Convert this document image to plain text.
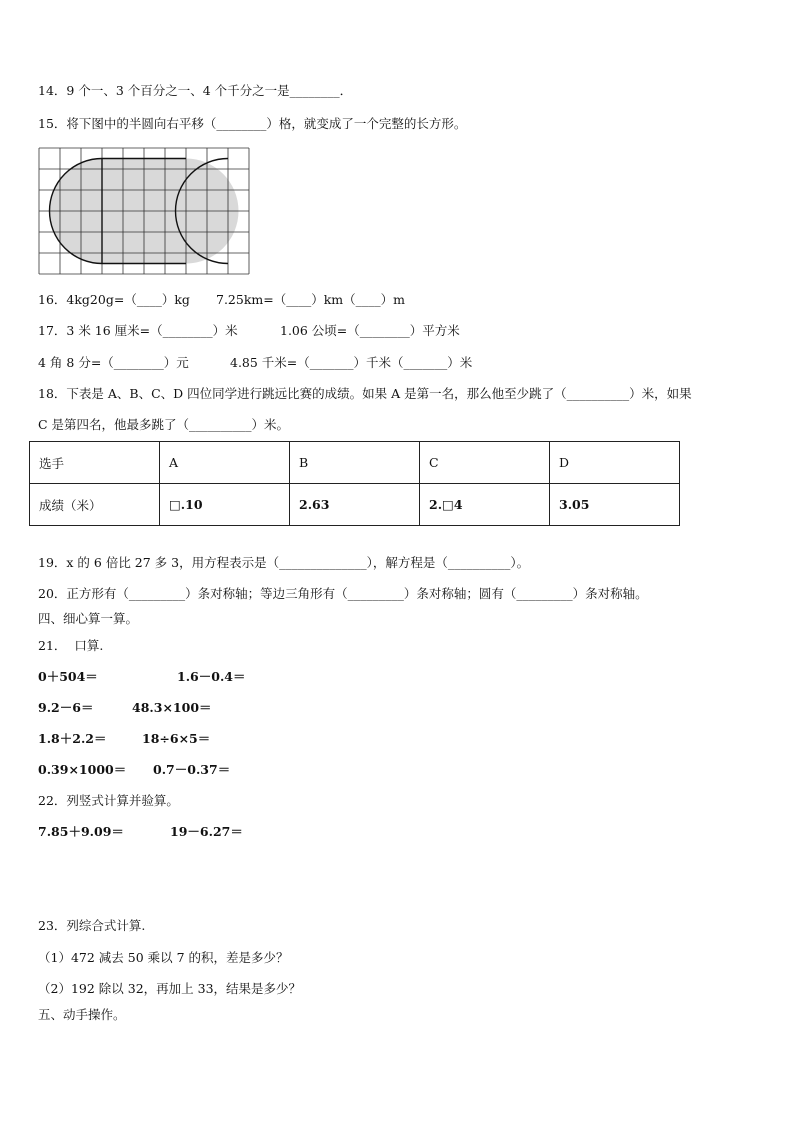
14．9 个一、3 个百分之一、4 个千分之一是________．
15．将下图中的半圆向右平移（________）格，就变成了一个完整的长方形。
16．4kg20g=（____）kg 7.25km=（____）km（____）m
17．3 米 16 厘米=（________）米	1.06 公顷=（________）平方米
4 角 8 分=（________）元	4.85 千米=（_______）千米（_______）米
18．下表是 A、B、C、D 四位同学进行跳远比赛的成绩。如果 A 是第一名，那么他至少跳了（__________）米，如果
C 是第四名，他最多跳了（__________）米。
选手	A	B	C	D
成绩（米）	□.10	2.63	2.□4	3.05
19．x 的 6 倍比 27 多 3，用方程表示是（______________），解方程是（__________）。
20．正方形有（_________）条对称轴；等边三角形有（_________）条对称轴；圆有（_________）条对称轴。
四、细心算一算。
21．  口算.
0＋504＝	1.6－0.4＝
9.2－6＝	48.3×100＝
1.8＋2.2＝	18÷6×5＝
0.39×1000＝ 0.7－0.37＝
22．列竖式计算并验算。
7.85＋9.09＝	19－6.27＝
23．列综合式计算.
（1）472 减去 50 乘以 7 的积，差是多少？
（2）192 除以 32，再加上 33，结果是多少？
五、动手操作。
